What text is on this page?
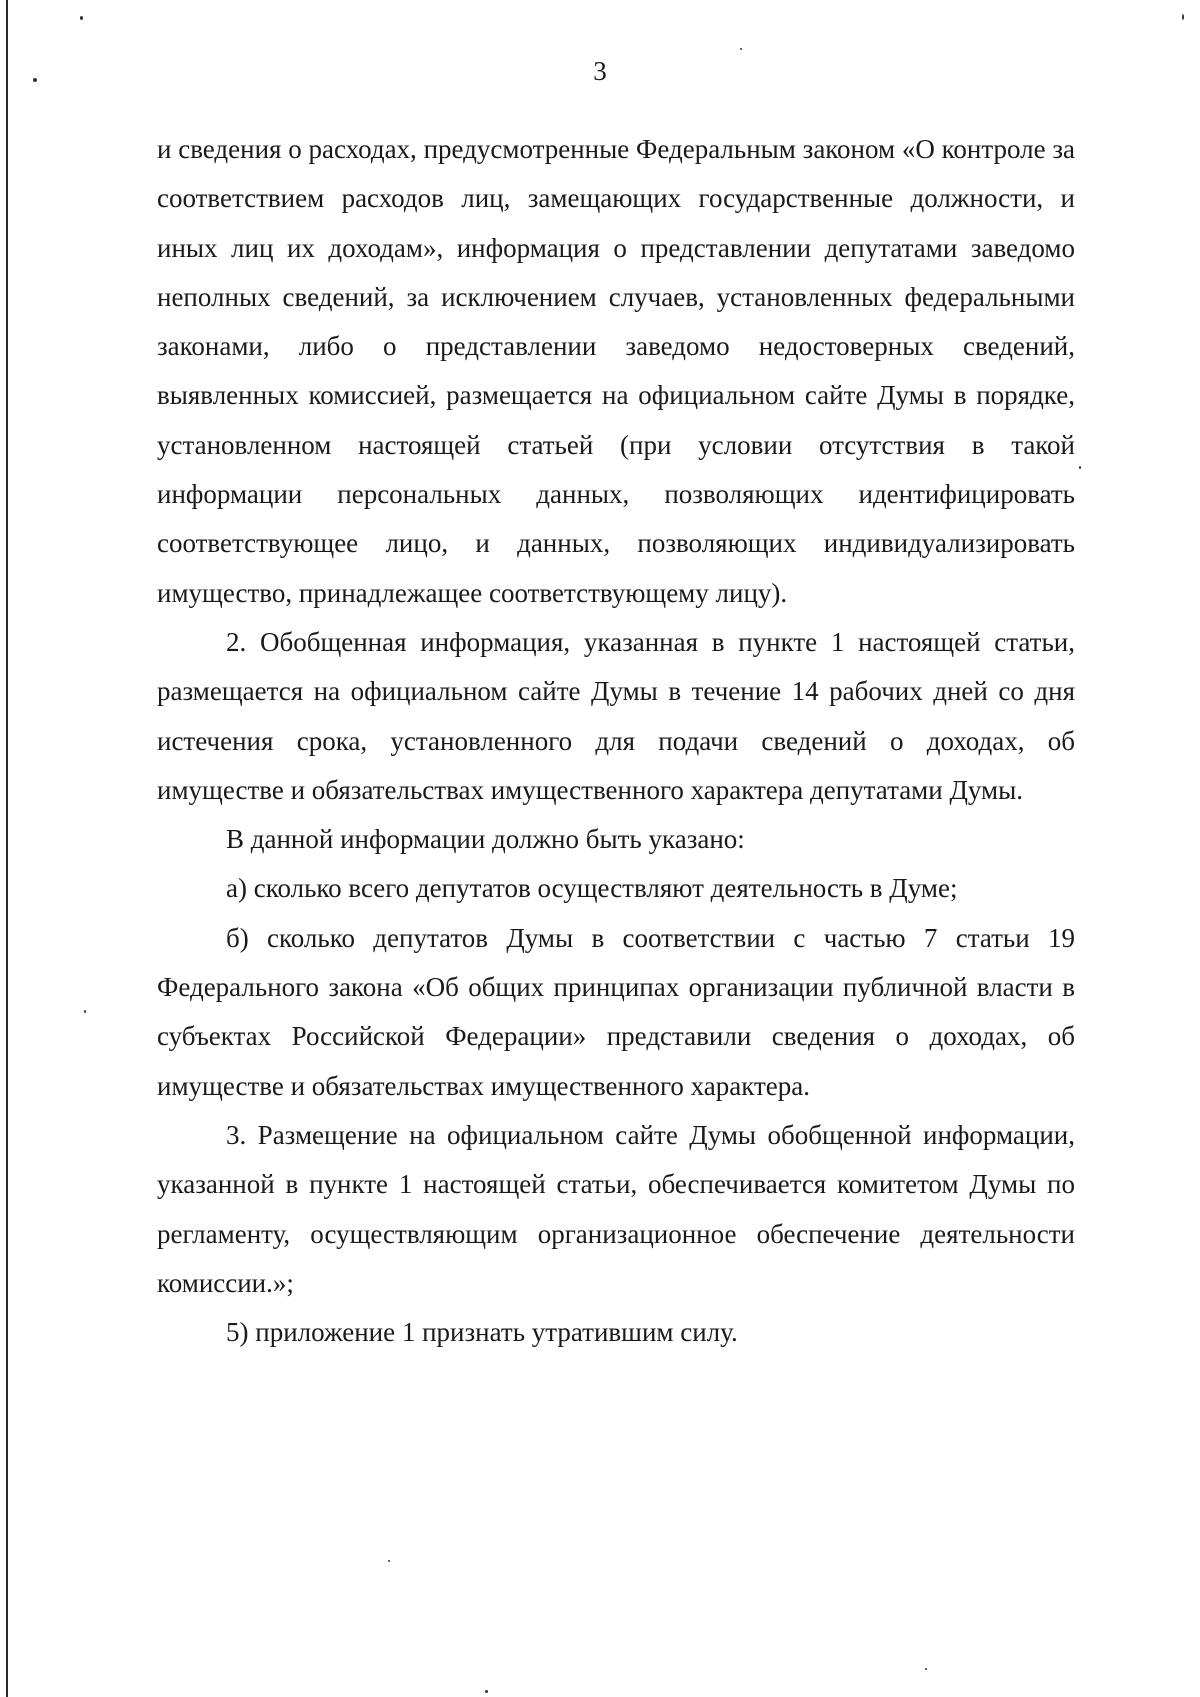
3

и сведения о расходах, предусмотренные Федеральным законом «О контроле за соответствием расходов лиц, замещающих государственные должности, и иных лиц их доходам», информация о представлении депутатами заведомо неполных сведений, за исключением случаев, установленных федеральными законами, либо о представлении заведомо недостоверных сведений, выявленных комиссией, размещается на официальном сайте Думы в порядке, установленном настоящей статьей (при условии отсутствия в такой информации персональных данных, позволяющих идентифицировать соответствующее лицо, и данных, позволяющих индивидуализировать имущество, принадлежащее соответствующему лицу).

2. Обобщенная информация, указанная в пункте 1 настоящей статьи, размещается на официальном сайте Думы в течение 14 рабочих дней со дня истечения срока, установленного для подачи сведений о доходах, об имуществе и обязательствах имущественного характера депутатами Думы.

В данной информации должно быть указано:

а) сколько всего депутатов осуществляют деятельность в Думе;

б) сколько депутатов Думы в соответствии с частью 7 статьи 19 Федерального закона «Об общих принципах организации публичной власти в субъектах Российской Федерации» представили сведения о доходах, об имуществе и обязательствах имущественного характера.

3. Размещение на официальном сайте Думы обобщенной информации, указанной в пункте 1 настоящей статьи, обеспечивается комитетом Думы по регламенту, осуществляющим организационное обеспечение деятельности комиссии.»;

5) приложение 1 признать утратившим силу.
